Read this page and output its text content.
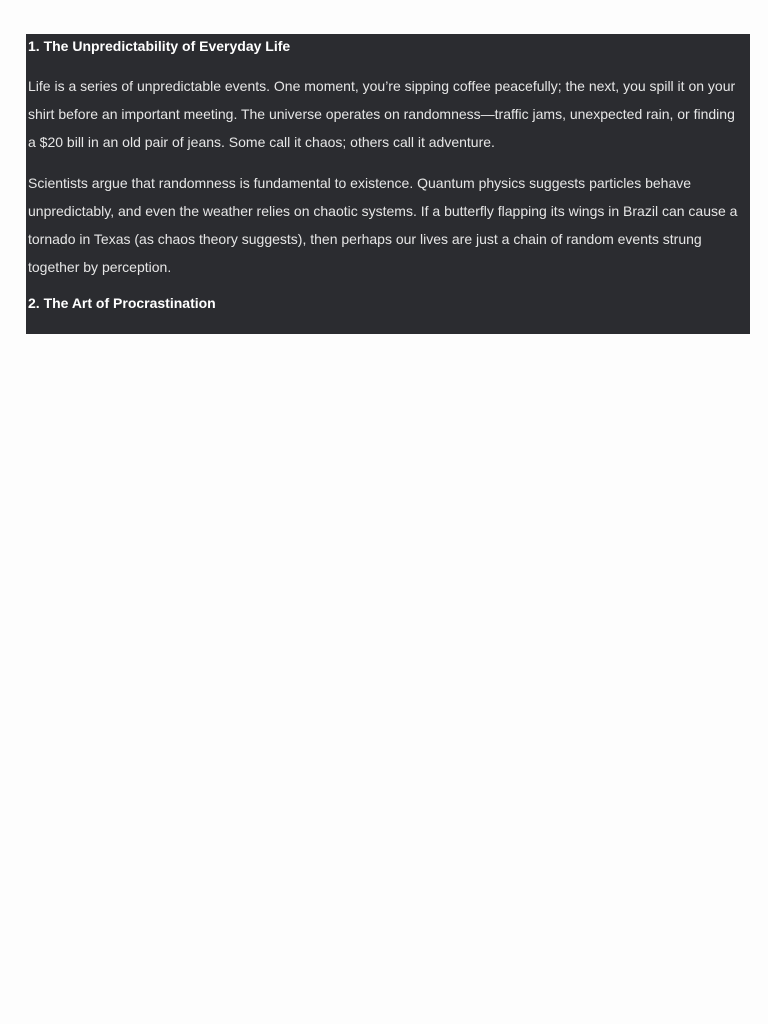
1. The Unpredictability of Everyday Life

Life is a series of unpredictable events. One moment, you’re sipping coffee peacefully; the next, you spill it on your shirt before an important meeting. The universe operates on randomness—traffic jams, unexpected rain, or finding a $20 bill in an old pair of jeans. Some call it chaos; others call it adventure.

Scientists argue that randomness is fundamental to existence. Quantum physics suggests particles behave unpredictably, and even the weather relies on chaotic systems. If a butterfly flapping its wings in Brazil can cause a tornado in Texas (as chaos theory suggests), then perhaps our lives are just a chain of random events strung together by perception.

2. The Art of Procrastination
